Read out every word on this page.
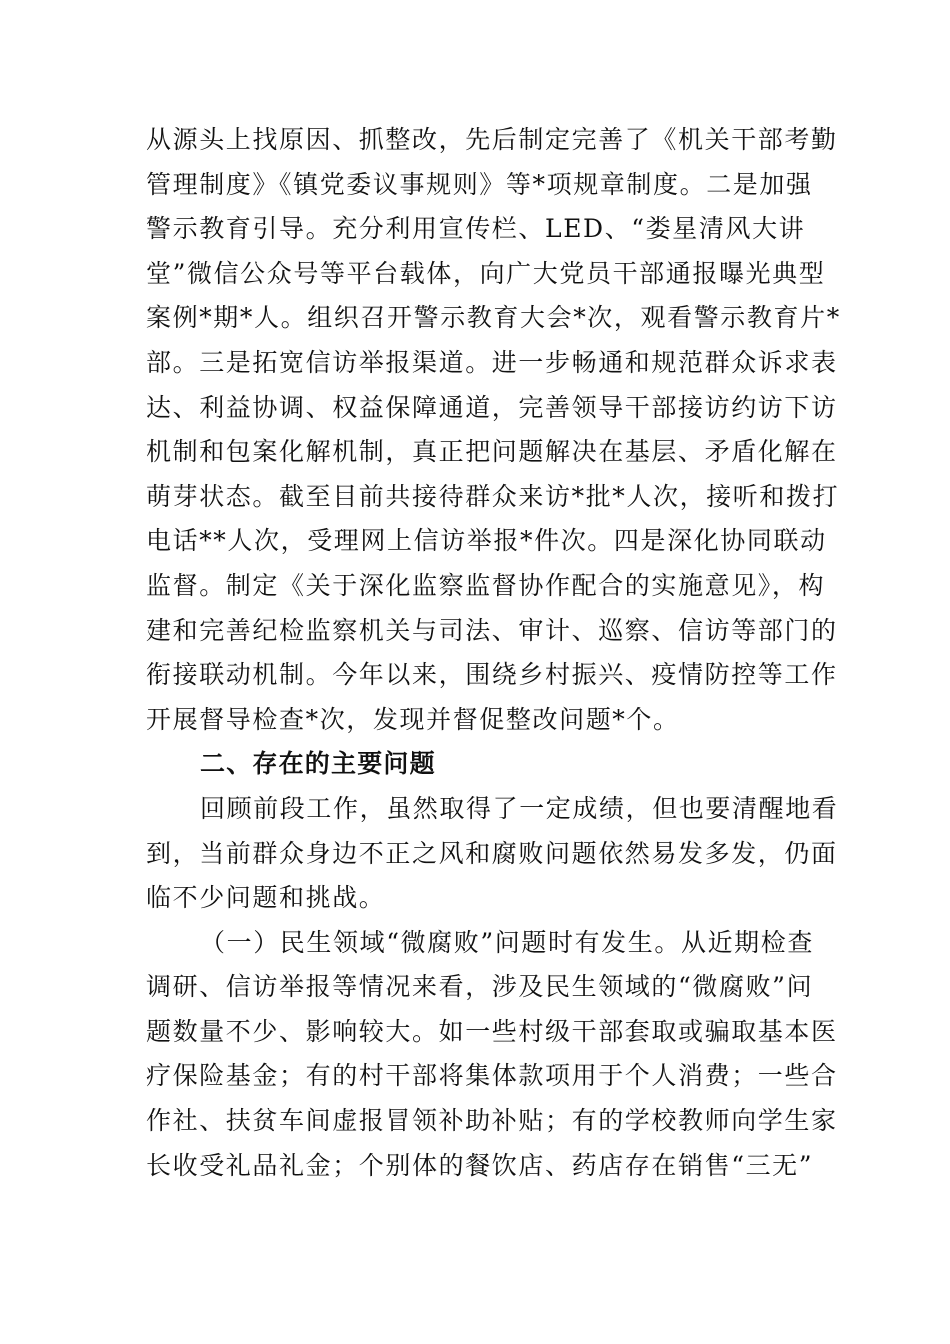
从源头上找原因、抓整改，先后制定完善了《机关干部考勤
管理制度》《镇党委议事规则》等*项规章制度。二是加强
警示教育引导。充分利用宣传栏、LED、“娄星清风大讲
堂”微信公众号等平台载体，向广大党员干部通报曝光典型
案例*期*人。组织召开警示教育大会*次，观看警示教育片*
部。三是拓宽信访举报渠道。进一步畅通和规范群众诉求表
达、利益协调、权益保障通道，完善领导干部接访约访下访
机制和包案化解机制，真正把问题解决在基层、矛盾化解在
萌芽状态。截至目前共接待群众来访*批*人次，接听和拨打
电话**人次，受理网上信访举报*件次。四是深化协同联动
监督。制定《关于深化监察监督协作配合的实施意见》，构
建和完善纪检监察机关与司法、审计、巡察、信访等部门的
衔接联动机制。今年以来，围绕乡村振兴、疫情防控等工作
开展督导检查*次，发现并督促整改问题*个。
二、存在的主要问题
回顾前段工作，虽然取得了一定成绩，但也要清醒地看
到，当前群众身边不正之风和腐败问题依然易发多发，仍面
临不少问题和挑战。
（一）民生领域“微腐败”问题时有发生。从近期检查
调研、信访举报等情况来看，涉及民生领域的“微腐败”问
题数量不少、影响较大。如一些村级干部套取或骗取基本医
疗保险基金；有的村干部将集体款项用于个人消费；一些合
作社、扶贫车间虚报冒领补助补贴；有的学校教师向学生家
长收受礼品礼金；个别体的餐饮店、药店存在销售“三无”
